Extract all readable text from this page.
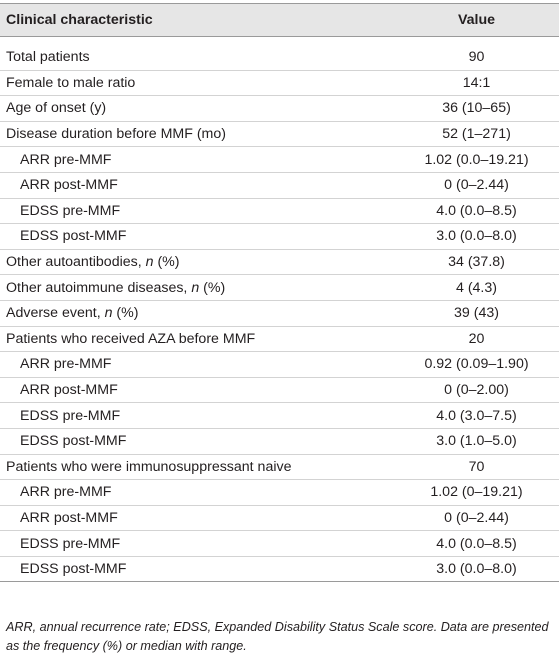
Clinical characteristic	Value

Total patients	90
Female to male ratio	14:1
Age of onset (y)	36 (10–65)
Disease duration before MMF (mo)	52 (1–271)
ARR pre-MMF	1.02 (0.0–19.21)
ARR post-MMF	0 (0–2.44)
EDSS pre-MMF	4.0 (0.0–8.5)
EDSS post-MMF	3.0 (0.0–8.0)
Other autoantibodies, n (%)	34 (37.8)
Other autoimmune diseases, n (%)	4 (4.3)
Adverse event, n (%)	39 (43)
Patients who received AZA before MMF	20
ARR pre-MMF	0.92 (0.09–1.90)
ARR post-MMF	0 (0–2.00)
EDSS pre-MMF	4.0 (3.0–7.5)
EDSS post-MMF	3.0 (1.0–5.0)
Patients who were immunosuppressant naive	70
ARR pre-MMF	1.02 (0–19.21)
ARR post-MMF	0 (0–2.44)
EDSS pre-MMF	4.0 (0.0–8.5)
EDSS post-MMF	3.0 (0.0–8.0)
ARR, annual recurrence rate; EDSS, Expanded Disability Status Scale score. Data are presented as the frequency (%) or median with range.
